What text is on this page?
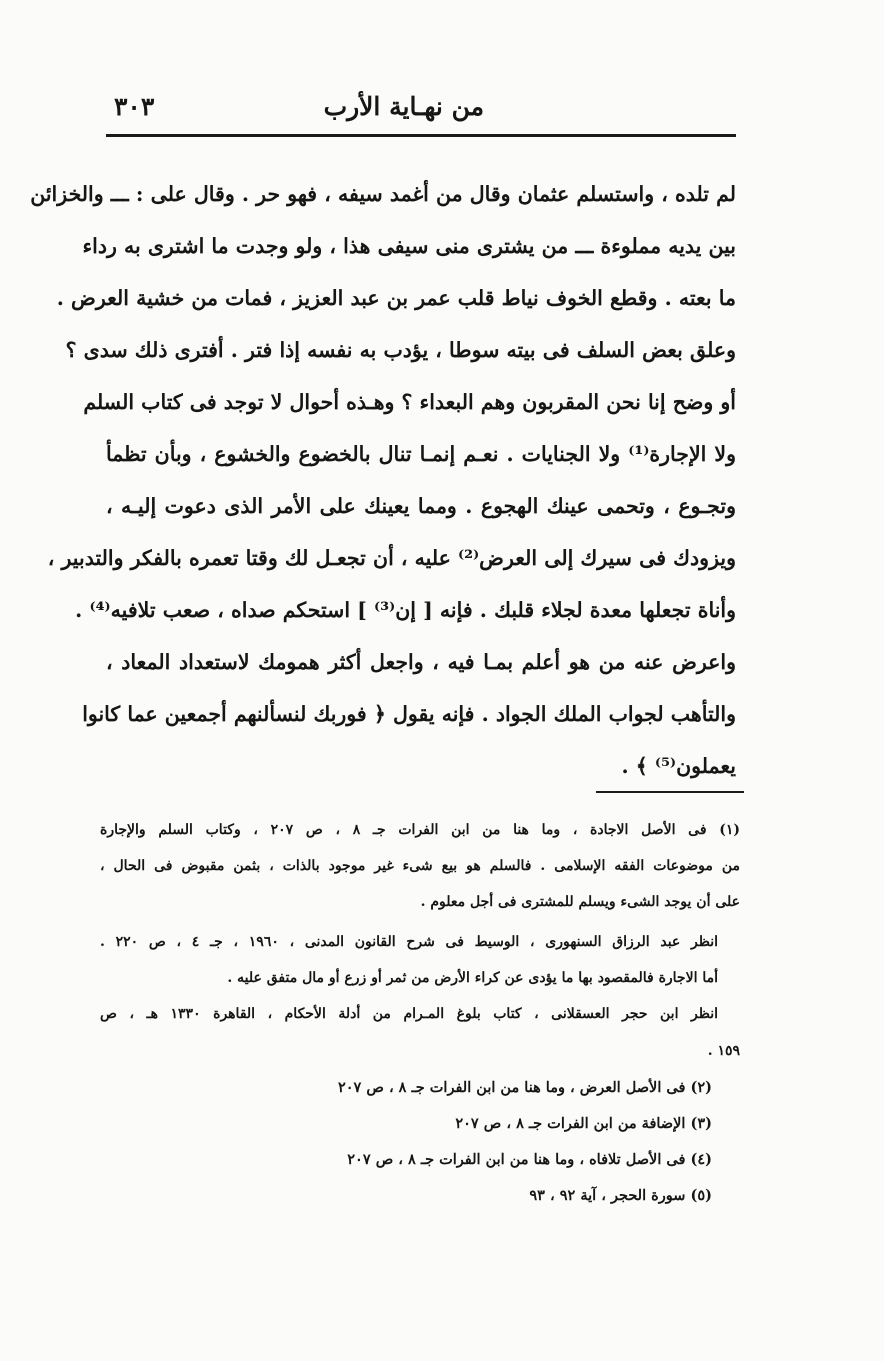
من نهـاية الأرب
٣٠٣
لم تلده ، واستسلم عثمان وقال من أغمد سيفه ، فهو حر . وقال على : ـــ والخزائن
بين يديه مملوءة ـــ من يشترى منى سيفى هذا ، ولو وجدت ما اشترى به رداء
ما بعته . وقطع الخوف نياط قلب عمر بن عبد العزيز ، فمات من خشية العرض .
وعلق بعض السلف فى بيته سوطا ، يؤدب به نفسه إذا فتر . أفترى ذلك سدى ؟
أو وضح إنا نحن المقربون وهم البعداء ؟ وهـذه أحوال لا توجد فى كتاب السلم
ولا الإجارة⁽¹⁾ ولا الجنايات . نعـم إنمـا تنال بالخضوع والخشوع ، وبأن تظمأ
وتجـوع ، وتحمى عينك الهجوع . ومما يعينك على الأمر الذى دعوت إليـه ،
ويزودك فى سيرك إلى العرض⁽²⁾ عليه ، أن تجعـل لك وقتا تعمره بالفكر والتدبير ،
وأناة تجعلها معدة لجلاء قلبك . فإنه [ إن⁽³⁾ ] استحكم صداه ، صعب تلافيه⁽⁴⁾ .
واعرض عنه من هو أعلم بمـا فيه ، واجعل أكثر همومك لاستعداد المعاد ،
والتأهب لجواب الملك الجواد . فإنه يقول ﴿ فوربك لنسألنهم أجمعين عما كانوا
يعملون⁽⁵⁾ ﴾ .
(١) فى الأصل الاجادة ، وما هنا من ابن الفرات جـ ٨ ، ص ٢٠٧ ، وكتاب السلم والإجارة
من موضوعات الفقه الإسلامى . فالسلم هو بيع شىء غير موجود بالذات ، بثمن مقبوض فى الحال ،
على أن يوجد الشىء ويسلم للمشترى فى أجل معلوم .
انظر عبد الرزاق السنهورى ، الوسيط فى شرح القانون المدنى ، ١٩٦٠ ، جـ ٤ ، ص ٢٢٠ .
أما الاجارة فالمقصود بها ما يؤدى عن كراء الأرض من ثمر أو زرع أو مال متفق عليه .
انظر ابن حجر العسقلانى ، كتاب بلوغ المـرام من أدلة الأحكام ، القاهرة ١٣٣٠ هـ ، ص
١٥٩ .
(٢) فى الأصل العرض ، وما هنا من ابن الفرات جـ ٨ ، ص ٢٠٧
(٣) الإضافة من ابن الفرات جـ ٨ ، ص ٢٠٧
(٤) فى الأصل تلافاه ، وما هنا من ابن الفرات جـ ٨ ، ص ٢٠٧
(٥) سورة الحجر ، آية ٩٢ ، ٩٣
